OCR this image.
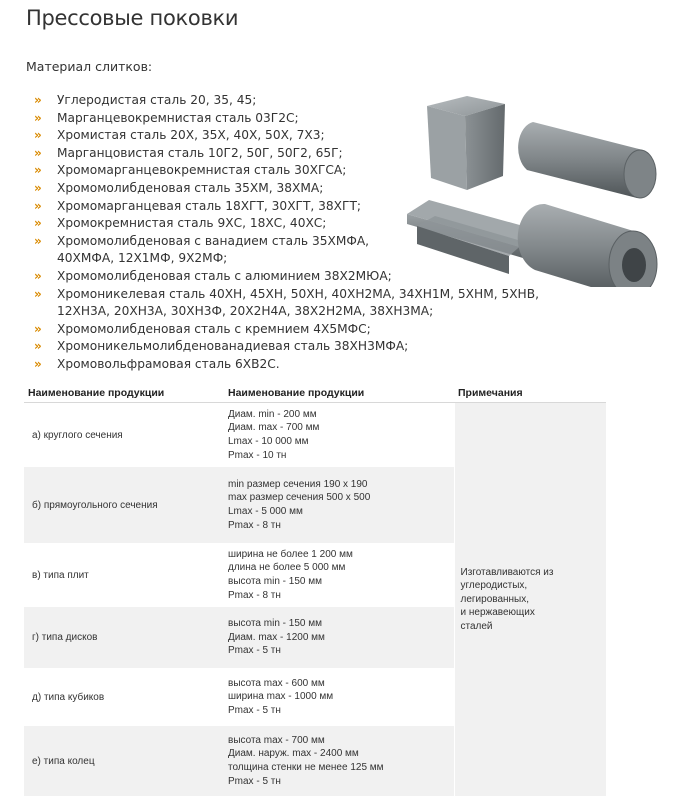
Прессовые поковки
Материал слитков:
» Углеродистая сталь 20, 35, 45;
» Марганцевокремнистая сталь 03Г2С;
» Хромистая сталь 20Х, 35Х, 40Х, 50Х, 7Х3;
» Марганцовистая сталь 10Г2, 50Г, 50Г2, 65Г;
» Хромомарганцевокремнистая сталь 30ХГСА;
» Хромомолибденовая сталь 35ХМ, 38ХМА;
» Хромомарганцевая сталь 18ХГТ, 30ХГТ, 38ХГТ;
» Хромокремнистая сталь 9ХС, 18ХС, 40ХС;
» Хромомолибденовая с ванадием сталь 35ХМФА, 40ХМФА, 12Х1МФ, 9Х2МФ;
» Хромомолибденовая сталь с алюминием 38Х2МЮА;
» Хромоникелевая сталь 40ХН, 45ХН, 50ХН, 40ХН2МА, 34ХН1М, 5ХНМ, 5ХНВ, 12ХН3А, 20ХН3А, 30ХН3Ф, 20Х2Н4А, 38Х2Н2МА, 38ХН3МА;
» Хромомолибденовая сталь с кремнием 4Х5МФС;
» Хромоникельмолибденованадиевая сталь 38ХН3МФА;
» Хромовольфрамовая сталь 6ХВ2С.
Наименование продукции	Наименование продукции	Примечания
а) круглого сечения	Диам. min - 200 мм
Диам. max - 700 мм
Lmax - 10 000 мм
Pmax - 10 тн	Изготавливаются из
углеродистых,
легированных,
и нержавеющих
сталей

б) прямоугольного сечения	min размер сечения 190 х 190
max размер сечения 500 х 500
Lmax - 5 000 мм
Pmax - 8 тн	

в) типа плит	ширина не более 1 200 мм
длина не более 5 000 мм
высота min - 150 мм
Pmax - 8 тн	

г) типа дисков	высота min - 150 мм
Диам. max - 1200 мм
Pmax - 5 тн	

д) типа кубиков	высота max - 600 мм
ширина max - 1000 мм
Pmax - 5 тн	

е) типа колец	высота max - 700 мм
Диам. наруж. max - 2400 мм
толщина стенки не менее 125 мм
Pmax - 5 тн	
